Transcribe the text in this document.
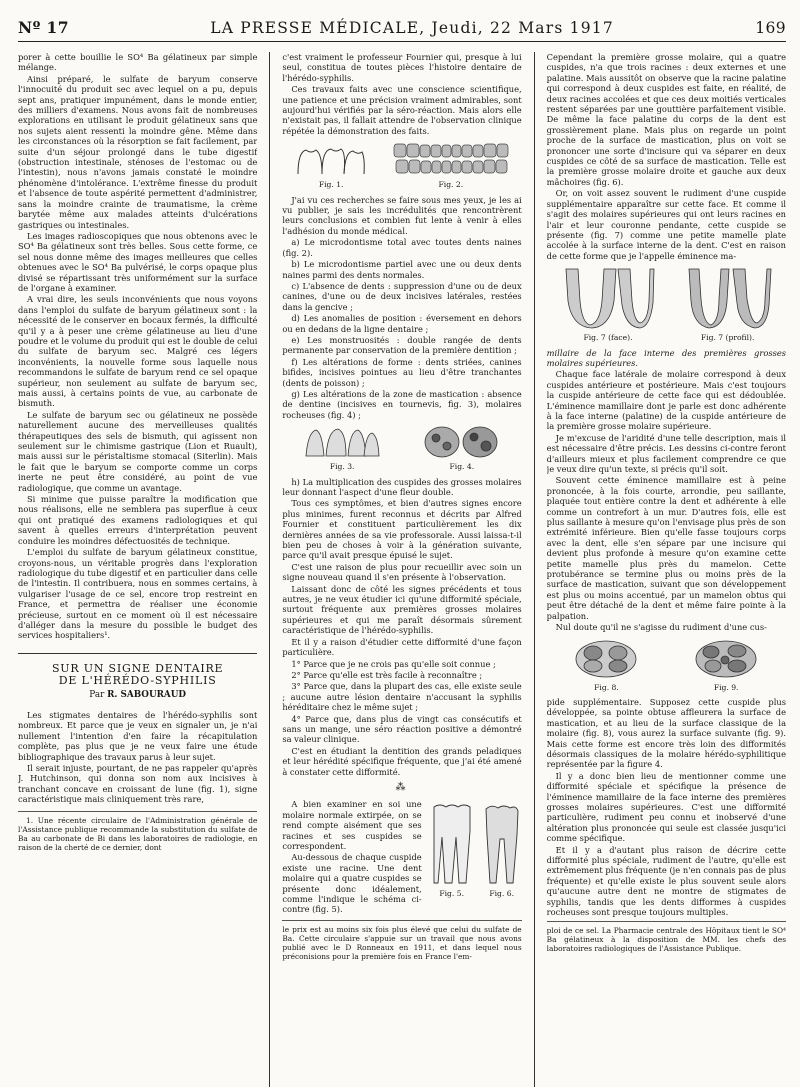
Nº 17	LA PRESSE MÉDICALE, Jeudi, 22 Mars 1917	169

porer à cette bouillie le SO⁴ Ba gélatineux par simple mélange.

Ainsi préparé, le sulfate de baryum conserve l'innocuité du produit sec avec lequel on a pu, depuis sept ans, pratiquer impunément, dans le monde entier, des milliers d'examens. Nous avons fait de nombreuses explorations en utilisant le produit gélatineux sans que nos sujets aient ressenti la moindre gêne. Même dans les circonstances où la résorption se fait facilement, par suite d'un séjour prolongé dans le tube digestif (obstruction intestinale, sténoses de l'estomac ou de l'intestin), nous n'avons jamais constaté le moindre phénomène d'intolérance. L'extrême finesse du produit et l'absence de toute aspérité permettent d'administrer, sans la moindre crainte de traumatisme, la crème barytée même aux malades atteints d'ulcérations gastriques ou intestinales.

Les images radioscopiques que nous obtenons avec le SO⁴ Ba gélatineux sont très belles. Sous cette forme, ce sel nous donne même des images meilleures que celles obtenues avec le SO⁴ Ba pulvérisé, le corps opaque plus divisé se répartissant très uniformément sur la surface de l'organe à examiner.

A vrai dire, les seuls inconvénients que nous voyons dans l'emploi du sulfate de baryum gélatineux sont : la nécessité de le conserver en bocaux fermés, la difficulté qu'il y a à peser une crème gélatineuse au lieu d'une poudre et le volume du produit qui est le double de celui du sulfate de baryum sec. Malgré ces légers inconvénients, la nouvelle forme sous laquelle nous recommandons le sulfate de baryum rend ce sel opaque supérieur, non seulement au sulfate de baryum sec, mais aussi, à certains points de vue, au carbonate de bismuth.

Le sulfate de baryum sec ou gélatineux ne possède naturellement aucune des merveilleuses qualités thérapeutiques des sels de bismuth, qui agissent non seulement sur le chimisme gastrique (Lion et Ruault), mais aussi sur le péristaltisme stomacal (Siterlin). Mais le fait que le baryum se comporte comme un corps inerte ne peut être considéré, au point de vue radiologique, que comme un avantage.

Si minime que puisse paraître la modification que nous réalisons, elle ne semblera pas superflue à ceux qui ont pratiqué des examens radiologiques et qui savent à quelles erreurs d'interprétation peuvent conduire les moindres défectuosités de technique.

L'emploi du sulfate de baryum gélatineux constitue, croyons-nous, un véritable progrès dans l'exploration radiologique du tube digestif et en particulier dans celle de l'intestin. Il contribuera, nous en sommes certains, à vulgariser l'usage de ce sel, encore trop restreint en France, et permettra de réaliser une économie précieuse, surtout en ce moment où il est nécessaire d'alléger dans la mesure du possible le budget des services hospitaliers¹.

SUR UN SIGNE DENTAIRE
DE L'HÉRÉDO-SYPHILIS
Par R. SABOURAUD

Les stigmates dentaires de l'hérédo-syphilis sont nombreux. Et parce que je veux en signaler un, je n'ai nullement l'intention d'en faire la récapitulation complète, pas plus que je ne veux faire une étude bibliographique des travaux parus à leur sujet.

Il serait injuste, pourtant, de ne pas rappeler qu'après J. Hutchinson, qui donna son nom aux incisives à tranchant concave en croissant de lune (fig. 1), signe caractéristique mais cliniquement très rare,

1. Une récente circulaire de l'Administration générale de l'Assistance publique recommande la substitution du sulfate de Ba au carbonate de Bi dans les laboratoires de radiologie, en raison de la cherté de ce dernier, dont

c'est vraiment le professeur Fournier qui, presque à lui seul, constitua de toutes pièces l'histoire dentaire de l'hérédo-syphilis.

Ces travaux faits avec une conscience scientifique, une patience et une précision vraiment admirables, sont aujourd'hui vérifiés par la séro-réaction. Mais alors elle n'existait pas, il fallait attendre de l'observation clinique répétée la démonstration des faits.

Fig. 1.	Fig. 2.

J'ai vu ces recherches se faire sous mes yeux, je les ai vu publier, je sais les incrédulités que rencontrèrent leurs conclusions et combien fut lente à venir à elles l'adhésion du monde médical.

a) Le microdontisme total avec toutes dents naines (fig. 2).

b) Le microdontisme partiel avec une ou deux dents naines parmi des dents normales.

c) L'absence de dents : suppression d'une ou de deux canines, d'une ou de deux incisives latérales, restées dans la gencive ;

d) Les anomalies de position : éversement en dehors ou en dedans de la ligne dentaire ;

e) Les monstruosités : double rangée de dents permanente par conservation de la première dentition ;

f) Les altérations de forme : dents striées, canines bifides, incisives pointues au lieu d'être tranchantes (dents de poisson) ;

g) Les altérations de la zone de mastication : absence de dentine (incisives en tournevis, fig. 3), molaires rocheuses (fig. 4) ;

Fig. 3.	Fig. 4.

h) La multiplication des cuspides des grosses molaires leur donnant l'aspect d'une fleur double.

Tous ces symptômes, et bien d'autres signes encore plus minimes, furent reconnus et décrits par Alfred Fournier et constituent particulièrement les dix dernières années de sa vie professorale. Aussi laissa-t-il bien peu de choses à voir à la génération suivante, parce qu'il avait presque épuisé le sujet.

C'est une raison de plus pour recueillir avec soin un signe nouveau quand il s'en présente à l'observation.

Laissant donc de côté les signes précédents et tous autres, je ne veux étudier ici qu'une difformité spéciale, surtout fréquente aux premières grosses molaires supérieures et qui me paraît désormais sûrement caractéristique de l'hérédo-syphilis.

Et il y a raison d'étudier cette difformité d'une façon particulière.

1° Parce que je ne crois pas qu'elle soit connue ;

2° Parce qu'elle est très facile à reconnaître ;

3° Parce que, dans la plupart des cas, elle existe seule ; aucune autre lésion dentaire n'accusant la syphilis héréditaire chez le même sujet ;

4° Parce que, dans plus de vingt cas consécutifs et sans un mange, une séro réaction positive a démontré sa valeur clinique.

C'est en étudiant la dentition des grands peladiques et leur hérédité spécifique fréquente, que j'ai été amené à constater cette difformité.

⁂
Fig. 5.	Fig. 6.

A bien examiner en soi une molaire normale extirpée, on se rend compte aisément que ses racines et ses cuspides se correspondent.

Au-dessous de chaque cuspide existe une racine. Une dent molaire qui a quatre cuspides se présente donc idéalement, comme l'indique le schéma ci-contre (fig. 5).

le prix est au moins six fois plus élevé que celui du sulfate de Ba. Cette circulaire s'appuie sur un travail que nous avons publié avec le D Ronneaux en 1911, et dans lequel nous préconisions pour la première fois en France l'em-

Cependant la première grosse molaire, qui a quatre cuspides, n'a que trois racines : deux externes et une palatine. Mais aussitôt on observe que la racine palatine qui correspond à deux cuspides est faite, en réalité, de deux racines accolées et que ces deux moitiés verticales restent séparées par une gouttière parfaitement visible. De même la face palatine du corps de la dent est grossièrement plane. Mais plus on regarde un point proche de la surface de mastication, plus on voit se prononcer une sorte d'incisure qui va séparer en deux cuspides ce côté de sa surface de mastication. Telle est la première grosse molaire droite et gauche aux deux mâchoires (fig. 6).

Or, on voit assez souvent le rudiment d'une cuspide supplémentaire apparaître sur cette face. Et comme il s'agit des molaires supérieures qui ont leurs racines en l'air et leur couronne pendante, cette cuspide se présente (fig. 7) comme une petite mamelle plate accolée à la surface interne de la dent. C'est en raison de cette forme que je l'appelle éminence ma-

Fig. 7 (face).	Fig. 7 (profil).

millaire de la face interne des premières grosses molaires supérieures.

Chaque face latérale de molaire correspond à deux cuspides antérieure et postérieure. Mais c'est toujours la cuspide antérieure de cette face qui est dédoublée. L'éminence mamillaire dont je parle est donc adhérente à la face interne (palatine) de la cuspide antérieure de la première grosse molaire supérieure.

Je m'excuse de l'aridité d'une telle description, mais il est nécessaire d'être précis. Les dessins ci-contre feront d'ailleurs mieux et plus facilement comprendre ce que je veux dire qu'un texte, si précis qu'il soit.

Souvent cette éminence mamillaire est à peine prononcée, à la fois courte, arrondie, peu saillante, plaquée tout entière contre la dent et adhérente à elle comme un contrefort à un mur. D'autres fois, elle est plus saillante à mesure qu'on l'envisage plus près de son extrémité inférieure. Bien qu'elle fasse toujours corps avec la dent, elle s'en sépare par une incisure qui devient plus profonde à mesure qu'on examine cette petite mamelle plus près du mamelon. Cette protubérance se termine plus ou moins près de la surface de mastication, suivant que son développement est plus ou moins accentué, par un mamelon obtus qui peut être détaché de la dent et même faire pointe à la palpation.

Nul doute qu'il ne s'agisse du rudiment d'une cus-

Fig. 8.	Fig. 9.

pide supplémentaire. Supposez cette cuspide plus développée, sa pointe obtuse affleurera la surface de mastication, et au lieu de la surface classique de la molaire (fig. 8), vous aurez la surface suivante (fig. 9). Mais cette forme est encore très loin des difformités désormais classiques de la molaire hérédo-syphilitique représentée par la figure 4.

Il y a donc bien lieu de mentionner comme une difformité spéciale et spécifique la présence de l'éminence mamillaire de la face interne des premières grosses molaires supérieures. C'est une difformité particulière, rudiment peu connu et inobservé d'une altération plus prononcée qui seule est classée jusqu'ici comme spécifique.

Et il y a d'autant plus raison de décrire cette difformité plus spéciale, rudiment de l'autre, qu'elle est extrêmement plus fréquente (je n'en connais pas de plus fréquente) et qu'elle existe le plus souvent seule alors qu'aucune autre dent ne montre de stigmates de syphilis, tandis que les dents difformes à cuspides rocheuses sont presque toujours multiples.

ploi de ce sel. La Pharmacie centrale des Hôpitaux tient le SO⁴ Ba gélatineux à la disposition de MM. les chefs des laboratoires radiologiques de l'Assistance Publique.
